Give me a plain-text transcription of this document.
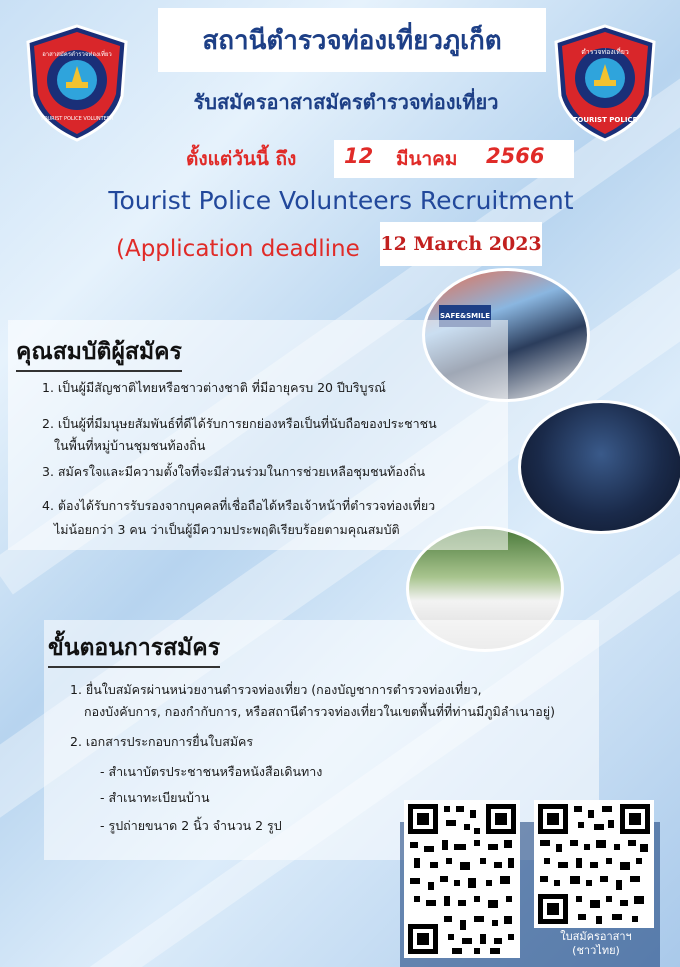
อาสาสมัครตำรวจท่องเที่ยว
TOURIST POLICE VOLUNTEER
ตำรวจท่องเที่ยว
TOURIST POLICE
สถานีตำรวจท่องเที่ยวภูเก็ต
รับสมัครอาสาสมัครตำรวจท่องเที่ยว
ตั้งแต่วันนี้ ถึง 12 มีนาคม 2566
Tourist Police Volunteers Recruitment
(Application deadline 12 March 2023
SAFE&SMILE
คุณสมบัติผู้สมัคร
1. เป็นผู้มีสัญชาติไทยหรือชาวต่างชาติ ที่มีอายุครบ 20 ปีบริบูรณ์
2. เป็นผู้ที่มีมนุษยสัมพันธ์ที่ดีได้รับการยกย่องหรือเป็นที่นับถือของประชาชน
ในพื้นที่หมู่บ้านชุมชนท้องถิ่น
3. สมัครใจและมีความตั้งใจที่จะมีส่วนร่วมในการช่วยเหลือชุมชนท้องถิ่น
4. ต้องได้รับการรับรองจากบุคคลที่เชื่อถือได้หรือเจ้าหน้าที่ตำรวจท่องเที่ยว
ไม่น้อยกว่า 3 คน ว่าเป็นผู้มีความประพฤติเรียบร้อยตามคุณสมบัติ
ขั้นตอนการสมัคร
1. ยื่นใบสมัครผ่านหน่วยงานตำรวจท่องเที่ยว (กองบัญชาการตำรวจท่องเที่ยว,
กองบังคับการ, กองกำกับการ, หรือสถานีตำรวจท่องเที่ยวในเขตพื้นที่ที่ท่านมีภูมิลำเนาอยู่)
2. เอกสารประกอบการยื่นใบสมัคร
- สำเนาบัตรประชาชนหรือหนังสือเดินทาง
- สำเนาทะเบียนบ้าน
- รูปถ่ายขนาด 2 นิ้ว จำนวน 2 รูป
ใบสมัครอาสาฯ
(ชาวไทย)
